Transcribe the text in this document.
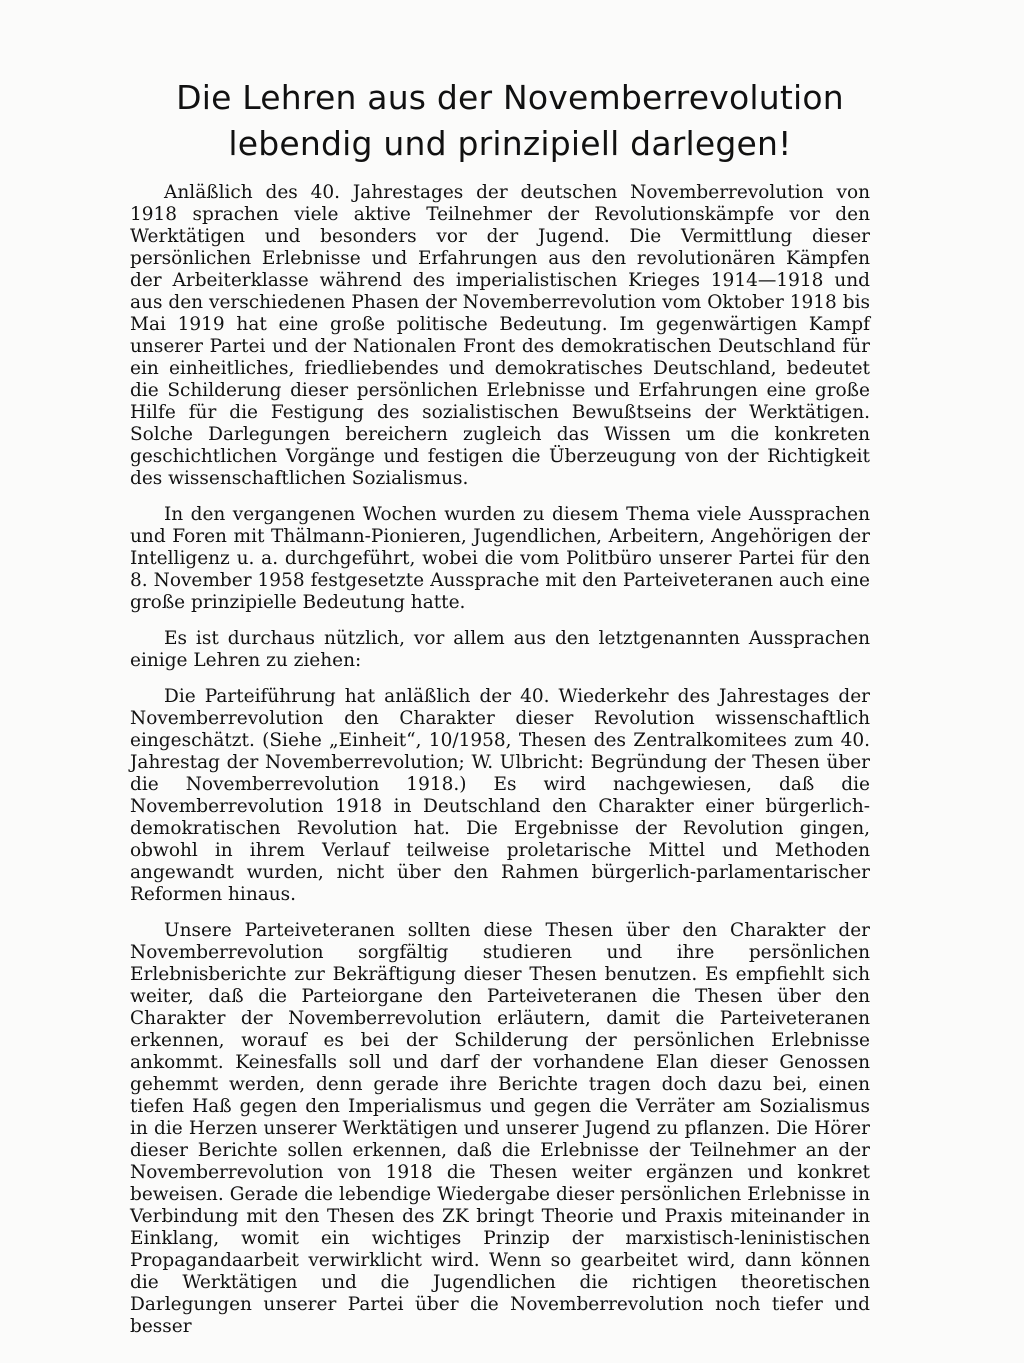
Die Lehren aus der Novemberrevolution
lebendig und prinzipiell darlegen!

Anläßlich des 40. Jahrestages der deutschen Novemberrevolution von 1918 sprachen viele aktive Teilnehmer der Revolutionskämpfe vor den Werktätigen und besonders vor der Jugend. Die Vermittlung dieser persönlichen Erlebnisse und Erfahrungen aus den revolutionären Kämpfen der Arbeiterklasse während des imperialistischen Krieges 1914—1918 und aus den verschiedenen Phasen der Novemberrevolution vom Oktober 1918 bis Mai 1919 hat eine große politische Bedeutung. Im gegenwärtigen Kampf unserer Partei und der Nationalen Front des demokratischen Deutschland für ein einheitliches, friedliebendes und demokratisches Deutschland, bedeutet die Schilderung dieser persönlichen Erlebnisse und Erfahrungen eine große Hilfe für die Festigung des sozialistischen Bewußtseins der Werktätigen. Solche Darlegungen bereichern zugleich das Wissen um die konkreten geschichtlichen Vorgänge und festigen die Überzeugung von der Richtigkeit des wissenschaftlichen Sozialismus.

In den vergangenen Wochen wurden zu diesem Thema viele Aussprachen und Foren mit Thälmann-Pionieren, Jugendlichen, Arbeitern, Angehörigen der Intelligenz u. a. durchgeführt, wobei die vom Politbüro unserer Partei für den 8. November 1958 festgesetzte Aussprache mit den Parteiveteranen auch eine große prinzipielle Bedeutung hatte.

Es ist durchaus nützlich, vor allem aus den letztgenannten Aussprachen einige Lehren zu ziehen:

Die Parteiführung hat anläßlich der 40. Wiederkehr des Jahrestages der Novemberrevolution den Charakter dieser Revolution wissenschaftlich eingeschätzt. (Siehe „Einheit“, 10/1958, Thesen des Zentralkomitees zum 40. Jahrestag der Novemberrevolution; W. Ulbricht: Begründung der Thesen über die Novemberrevolution 1918.) Es wird nachgewiesen, daß die Novemberrevolution 1918 in Deutschland den Charakter einer bürgerlich-demokratischen Revolution hat. Die Ergebnisse der Revolution gingen, obwohl in ihrem Verlauf teilweise proletarische Mittel und Methoden angewandt wurden, nicht über den Rahmen bürgerlich-parlamentarischer Reformen hinaus.

Unsere Parteiveteranen sollten diese Thesen über den Charakter der Novemberrevolution sorgfältig studieren und ihre persönlichen Erlebnisberichte zur Bekräftigung dieser Thesen benutzen. Es empfiehlt sich weiter, daß die Parteiorgane den Parteiveteranen die Thesen über den Charakter der Novemberrevolution erläutern, damit die Parteiveteranen erkennen, worauf es bei der Schilderung der persönlichen Erlebnisse ankommt. Keinesfalls soll und darf der vorhandene Elan dieser Genossen gehemmt werden, denn gerade ihre Berichte tragen doch dazu bei, einen tiefen Haß gegen den Imperialismus und gegen die Verräter am Sozialismus in die Herzen unserer Werktätigen und unserer Jugend zu pflanzen. Die Hörer dieser Berichte sollen erkennen, daß die Erlebnisse der Teilnehmer an der Novemberrevolution von 1918 die Thesen weiter ergänzen und konkret beweisen. Gerade die lebendige Wiedergabe dieser persönlichen Erlebnisse in Verbindung mit den Thesen des ZK bringt Theorie und Praxis miteinander in Einklang, womit ein wichtiges Prinzip der marxistisch-leninistischen Propagandaarbeit verwirklicht wird. Wenn so gearbeitet wird, dann können die Werktätigen und die Jugendlichen die richtigen theoretischen Darlegungen unserer Partei über die Novemberrevolution noch tiefer und besser
